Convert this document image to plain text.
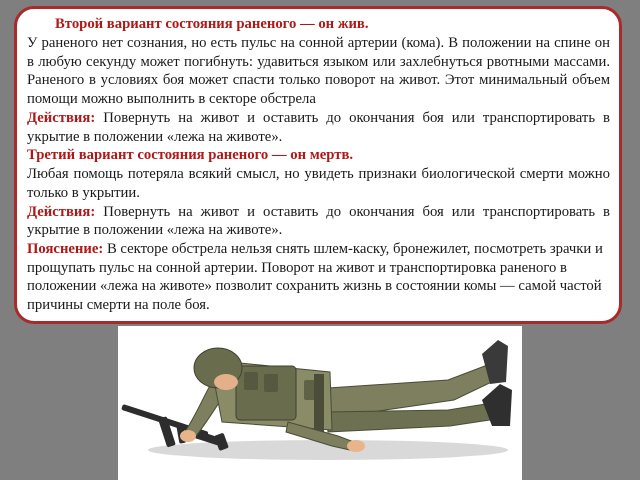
Второй вариант состояния раненого — он жив.

У раненого нет сознания, но есть пульс на сонной артерии (кома). В положении на спине он в любую секунду может погибнуть: удавиться языком или захлебнуться рвотными массами. Раненого в условиях боя может спасти только поворот на живот. Этот минимальный объем помощи можно выполнить в секторе обстрела

Действия: Повернуть на живот и оставить до окончания боя или транспортировать в укрытие в положении «лежа на животе».

Третий вариант состояния раненого — он мертв.

Любая помощь потеряла всякий смысл, но увидеть признаки биологической смерти можно только в укрытии.

Действия: Повернуть на живот и оставить до окончания боя или транспортировать в укрытие в положении «лежа на животе».

Пояснение: В секторе обстрела нельзя снять шлем-каску, бронежилет, посмотреть зрачки и прощупать пульс на сонной артерии. Поворот на живот и транспортировка раненого в положении «лежа на животе» позволит сохранить жизнь в состоянии комы — самой частой причины смерти на поле боя.
